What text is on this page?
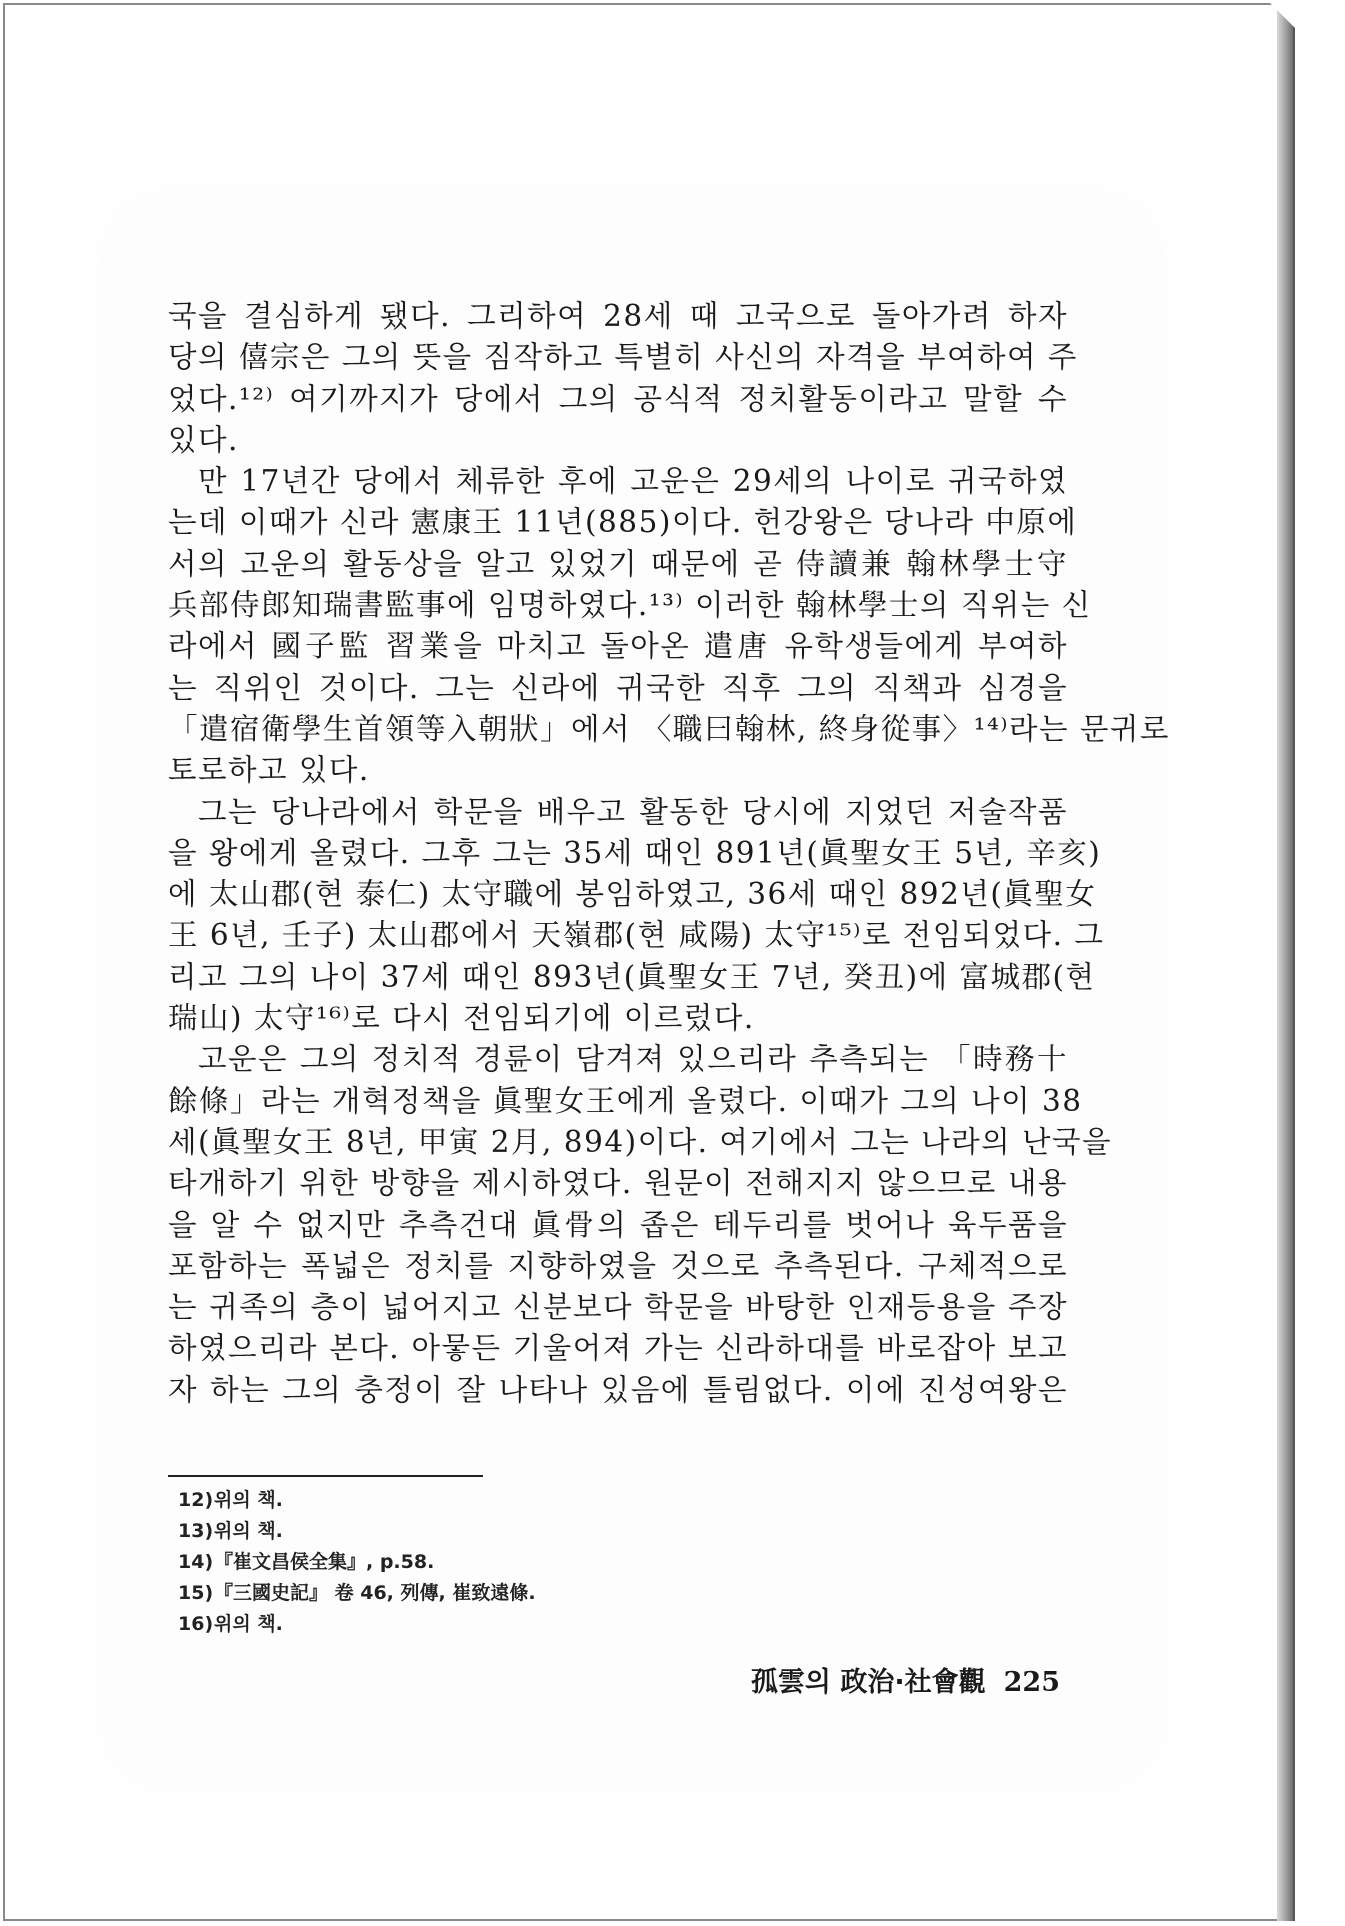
국을 결심하게 됐다. 그리하여 28세 때 고국으로 돌아가려 하자
당의 僖宗은 그의 뜻을 짐작하고 특별히 사신의 자격을 부여하여 주
었다.¹²⁾ 여기까지가 당에서 그의 공식적 정치활동이라고 말할 수
있다.
만 17년간 당에서 체류한 후에 고운은 29세의 나이로 귀국하였
는데 이때가 신라 憲康王 11년(885)이다. 헌강왕은 당나라 中原에
서의 고운의 활동상을 알고 있었기 때문에 곧 侍讀兼 翰林學士守
兵部侍郎知瑞書監事에 임명하였다.¹³⁾ 이러한 翰林學士의 직위는 신
라에서 國子監 習業을 마치고 돌아온 遣唐 유학생들에게 부여하
는 직위인 것이다. 그는 신라에 귀국한 직후 그의 직책과 심경을
「遣宿衛學生首領等入朝狀」에서 〈職曰翰林, 終身從事〉¹⁴⁾라는 문귀로
토로하고 있다.
그는 당나라에서 학문을 배우고 활동한 당시에 지었던 저술작품
을 왕에게 올렸다. 그후 그는 35세 때인 891년(眞聖女王 5년, 辛亥)
에 太山郡(현 泰仁) 太守職에 봉임하였고, 36세 때인 892년(眞聖女
王 6년, 壬子) 太山郡에서 天嶺郡(현 咸陽) 太守¹⁵⁾로 전임되었다. 그
리고 그의 나이 37세 때인 893년(眞聖女王 7년, 癸丑)에 富城郡(현
瑞山) 太守¹⁶⁾로 다시 전임되기에 이르렀다.
고운은 그의 정치적 경륜이 담겨져 있으리라 추측되는 「時務十
餘條」라는 개혁정책을 眞聖女王에게 올렸다. 이때가 그의 나이 38
세(眞聖女王 8년, 甲寅 2月, 894)이다. 여기에서 그는 나라의 난국을
타개하기 위한 방향을 제시하였다. 원문이 전해지지 않으므로 내용
을 알 수 없지만 추측건대 眞骨의 좁은 테두리를 벗어나 육두품을
포함하는 폭넓은 정치를 지향하였을 것으로 추측된다. 구체적으로
는 귀족의 층이 넓어지고 신분보다 학문을 바탕한 인재등용을 주장
하였으리라 본다. 아뭏든 기울어져 가는 신라하대를 바로잡아 보고
자 하는 그의 충정이 잘 나타나 있음에 틀림없다. 이에 진성여왕은
12)위의 책.
13)위의 책.
14)『崔文昌侯全集』, p.58.
15)『三國史記』 卷 46, 列傳, 崔致遠條.
16)위의 책.
孤雲의 政治·社會觀 225
